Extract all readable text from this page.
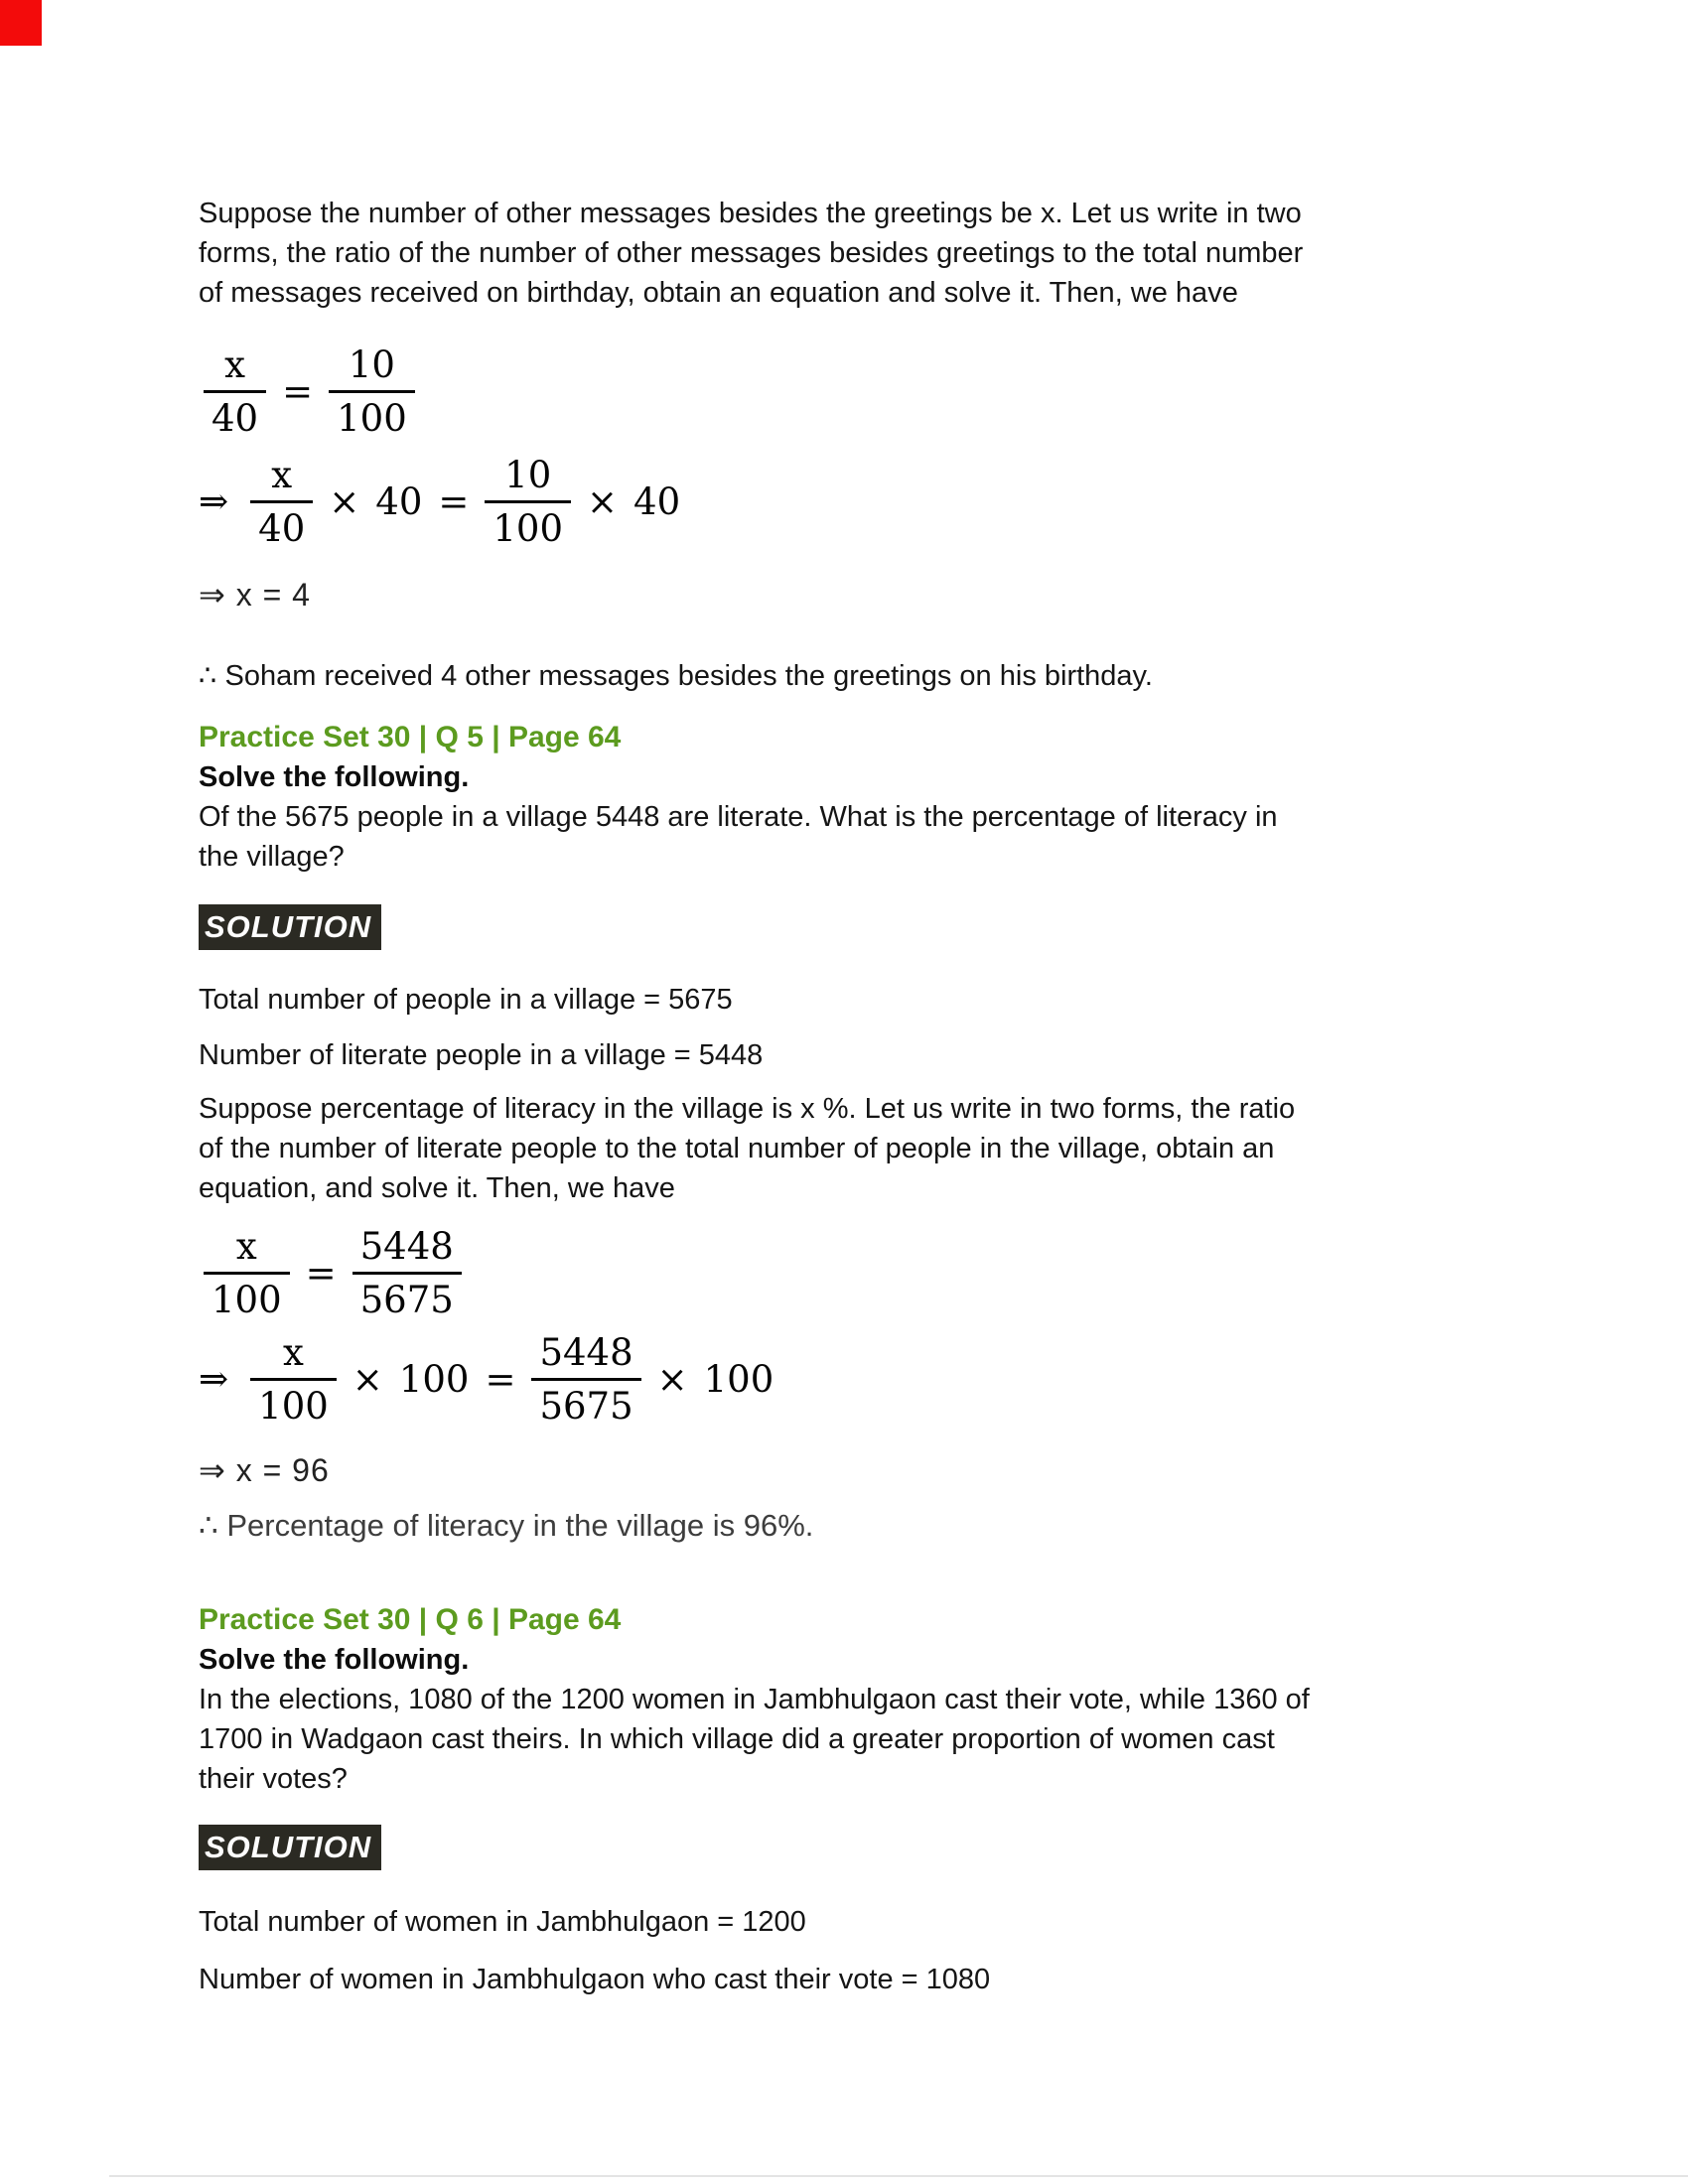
Suppose the number of other messages besides the greetings be x. Let us write in two
forms, the ratio of the number of other messages besides greetings to the total number
of messages received on birthday, obtain an equation and solve it. Then, we have
$\frac{x}{40} = \frac{10}{100}$
⇒ $\frac{x}{40} \times 40 = \frac{10}{100} \times 40$
⇒ x = 4
∴ Soham received 4 other messages besides the greetings on his birthday.
Practice Set 30 | Q 5 | Page 64
Solve the following.
Of the 5675 people in a village 5448 are literate. What is the percentage of literacy in
the village?
SOLUTION
Total number of people in a village = 5675
Number of literate people in a village = 5448
Suppose percentage of literacy in the village is x %. Let us write in two forms, the ratio
of the number of literate people to the total number of people in the village, obtain an
equation, and solve it. Then, we have
$\frac{x}{100} = \frac{5448}{5675}$
⇒ $\frac{x}{100} \times 100 = \frac{5448}{5675} \times 100$
⇒ x = 96
∴ Percentage of literacy in the village is 96%.
Practice Set 30 | Q 6 | Page 64
Solve the following.
In the elections, 1080 of the 1200 women in Jambhulgaon cast their vote, while 1360 of
1700 in Wadgaon cast theirs. In which village did a greater proportion of women cast
their votes?
SOLUTION
Total number of women in Jambhulgaon = 1200
Number of women in Jambhulgaon who cast their vote = 1080
